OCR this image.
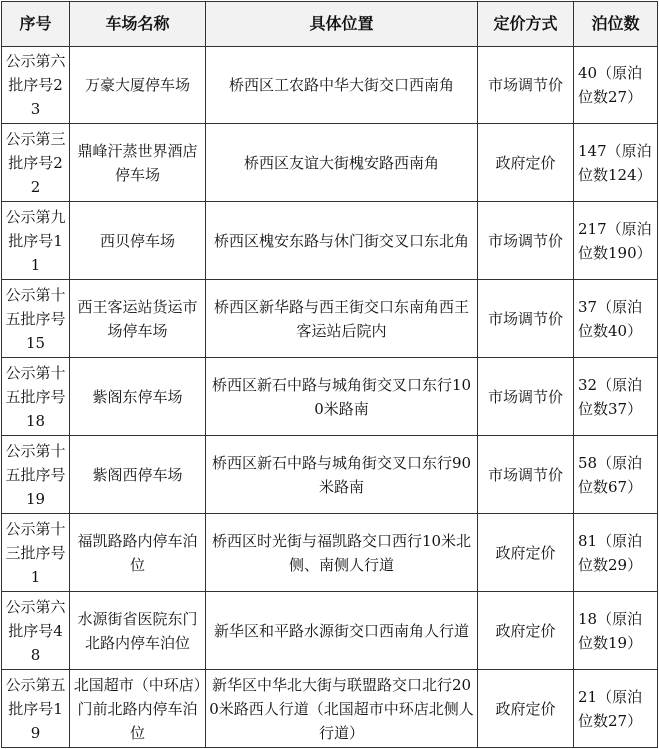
序号	车场名称	具体位置	定价方式	泊位数
公示第六批序号23	万豪大厦停车场	桥西区工农路中华大街交口西南角	市场调节价	40（原泊位数27）
公示第三批序号22	鼎峰汗蒸世界酒店停车场	桥西区友谊大街槐安路西南角	政府定价	147（原泊位数124）
公示第九批序号11	西贝停车场	桥西区槐安东路与休门街交叉口东北角	市场调节价	217（原泊位数190）
公示第十五批序号15	西王客运站货运市场停车场	桥西区新华路与西王街交口东南角西王客运站后院内	市场调节价	37（原泊位数40）
公示第十五批序号18	紫阁东停车场	桥西区新石中路与城角街交叉口东行100米路南	市场调节价	32（原泊位数37）
公示第十五批序号19	紫阁西停车场	桥西区新石中路与城角街交叉口东行90米路南	市场调节价	58（原泊位数67）
公示第十三批序号1	福凯路路内停车泊位	桥西区时光街与福凯路交口西行10米北侧、南侧人行道	政府定价	81（原泊位数29）
公示第六批序号48	水源街省医院东门北路内停车泊位	新华区和平路水源街交口西南角人行道	政府定价	18（原泊位数19）
公示第五批序号19	北国超市（中环店）门前北路内停车泊位	新华区中华北大街与联盟路交口北行200米路西人行道（北国超市中环店北侧人行道）	政府定价	21（原泊位数27）
